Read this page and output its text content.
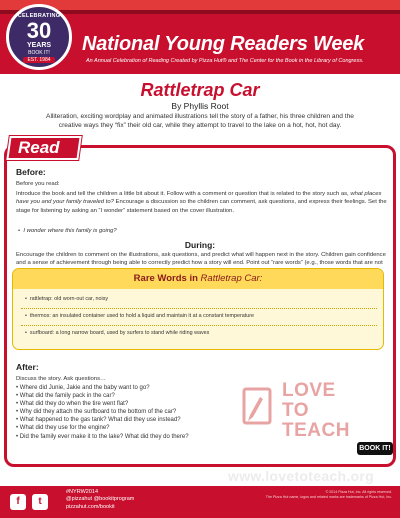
CELEBRATING
30
YEARS
BOOK IT!
EST. 1984
National Young Readers Week
An Annual Celebration of Reading Created by Pizza Hut® and The Center for the Book in the Library of Congress.
Rattletrap Car
By Phyllis Root
Alliteration, exciting wordplay and animated illustrations tell the story of a father, his three children and the creative ways they “fix” their old car, while they attempt to travel to the lake on a hot, hot, hot day.
Read
Before:
Before you read:
Introduce the book and tell the children a little bit about it. Follow with a comment or question that is related to the story such as, what places have you and your family traveled to? Encourage a discussion so the children can comment, ask questions, and express their feelings. Set the stage for listening by asking an “I wonder” statement based on the cover illustration.
•  I wonder where this family is going?
During:
Encourage the children to comment on the illustrations, ask questions, and predict what will happen next in the story. Children gain confidence and a sense of achievement through being able to correctly predict how a story will end. Point out “rare words” (e.g., those words that are not
Rare Words in Rattletrap Car:
•  rattletrap: old worn-out car, noisy
•  thermos: an insulated container used to hold a liquid and maintain it at a constant temperature
•  surfboard: a long narrow board, used by surfers to stand while riding waves
After:
Discuss the story. Ask questions…
• Where did Junie, Jakie and the baby want to go?
• What did the family pack in the car?
• What did they do when the tire went flat?
• Why did they attach the surfboard to the bottom of the car?
• What happened to the gas tank? What did they use instead?
• What did they use for the engine?
• Did the family ever make it to the lake? What did they do there?
LOVE TO
TEACH
BOOK IT!
www.lovetoteach.org
f	t
#NYRW2014
@pizzahut @bookitprogram
pizzahut.com/bookit
© 2014 Pizza Hut, Inc. All rights reserved.
The Pizza Hut name, logos and related marks are trademarks of Pizza Hut, Inc.
